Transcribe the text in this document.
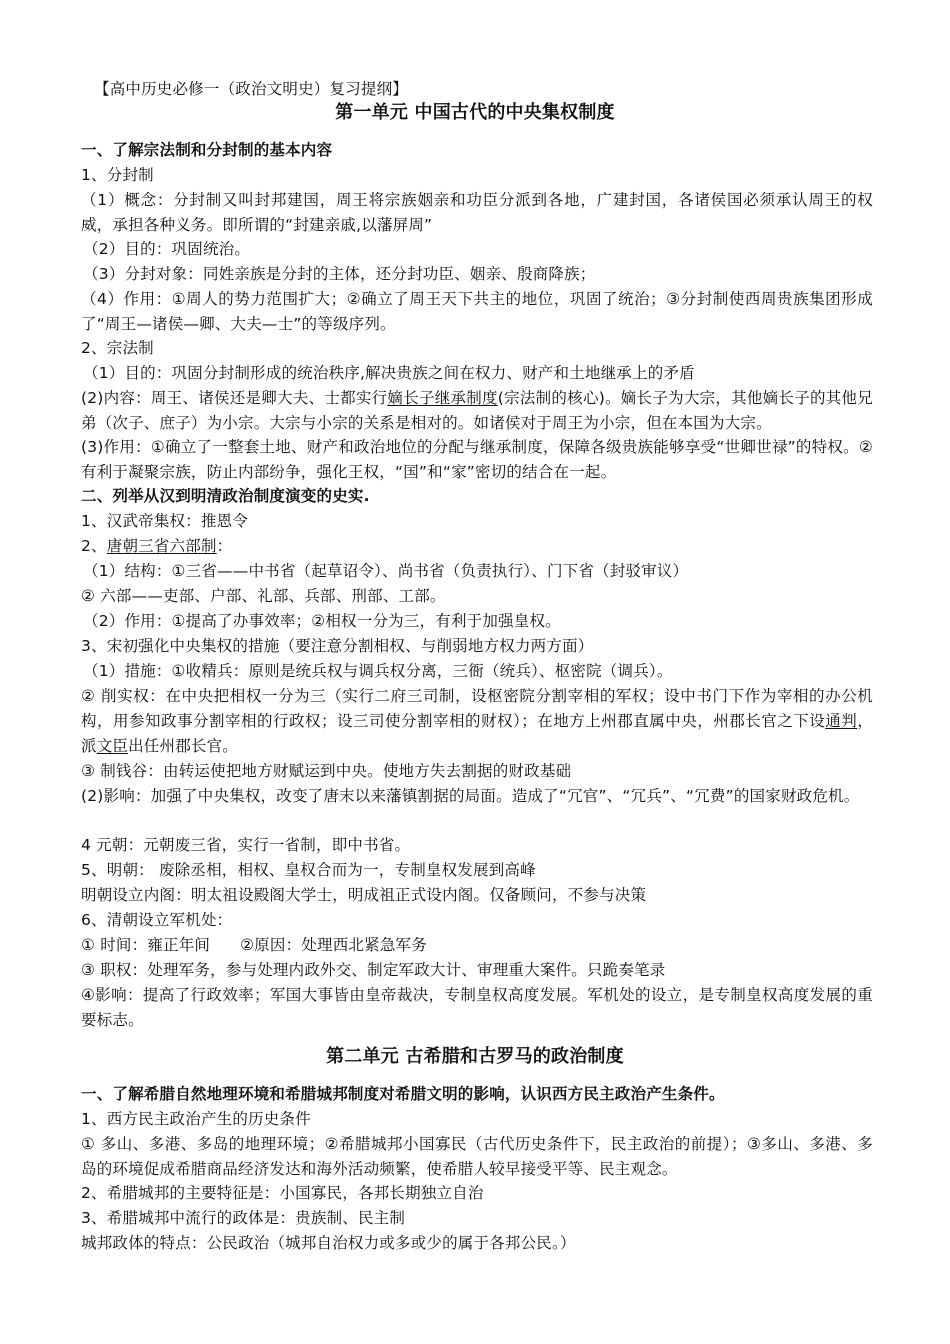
【高中历史必修一（政治文明史）复习提纲】

第一单元 中国古代的中央集权制度

一、了解宗法制和分封制的基本内容

1、分封制

（1）概念：分封制又叫封邦建国，周王将宗族姻亲和功臣分派到各地，广建封国，各诸侯国必须承认周王的权威，承担各种义务。即所谓的“封建亲戚,以藩屏周”

（2）目的：巩固统治。

（3）分封对象：同姓亲族是分封的主体，还分封功臣、姻亲、殷商降族；

（4）作用：①周人的势力范围扩大；②确立了周王天下共主的地位，巩固了统治；③分封制使西周贵族集团形成了“周王—诸侯—卿、大夫—士”的等级序列。

2、宗法制

（1）目的：巩固分封制形成的统治秩序,解决贵族之间在权力、财产和土地继承上的矛盾

(2)内容：周王、诸侯还是卿大夫、士都实行嫡长子继承制度(宗法制的核心)。嫡长子为大宗，其他嫡长子的其他兄弟（次子、庶子）为小宗。大宗与小宗的关系是相对的。如诸侯对于周王为小宗，但在本国为大宗。

(3)作用：①确立了一整套土地、财产和政治地位的分配与继承制度，保障各级贵族能够享受“世卿世禄”的特权。②有利于凝聚宗族，防止内部纷争，强化王权，“国”和“家”密切的结合在一起。

二、列举从汉到明清政治制度演变的史实.

1、汉武帝集权：推恩令

2、唐朝三省六部制：

（1）结构：①三省——中书省（起草诏令）、尚书省（负责执行）、门下省（封驳审议）

② 六部——吏部、户部、礼部、兵部、刑部、工部。

（2）作用：①提高了办事效率；②相权一分为三，有利于加强皇权。

3、宋初强化中央集权的措施（要注意分割相权、与削弱地方权力两方面）

（1）措施：①收精兵：原则是统兵权与调兵权分离，三衙（统兵）、枢密院（调兵）。

② 削实权：在中央把相权一分为三（实行二府三司制，设枢密院分割宰相的军权；设中书门下作为宰相的办公机构，用参知政事分割宰相的行政权；设三司使分割宰相的财权）；在地方上州郡直属中央，州郡长官之下设通判，派文臣出任州郡长官。

③ 制钱谷：由转运使把地方财赋运到中央。使地方失去割据的财政基础

(2)影响：加强了中央集权，改变了唐末以来藩镇割据的局面。造成了“冗官”、“冗兵”、“冗费”的国家财政危机。

4 元朝：元朝废三省，实行一省制，即中书省。

5、明朝： 废除丞相，相权、皇权合而为一，专制皇权发展到高峰

明朝设立内阁：明太祖设殿阁大学士，明成祖正式设内阁。仅备顾问，不参与决策

6、清朝设立军机处：

① 时间：雍正年间 ②原因：处理西北紧急军务

③ 职权：处理军务，参与处理内政外交、制定军政大计、审理重大案件。只跪奏笔录

④影响：提高了行政效率；军国大事皆由皇帝裁决，专制皇权高度发展。军机处的设立，是专制皇权高度发展的重要标志。

第二单元 古希腊和古罗马的政治制度

一、了解希腊自然地理环境和希腊城邦制度对希腊文明的影响，认识西方民主政治产生条件。

1、西方民主政治产生的历史条件

① 多山、多港、多岛的地理环境；②希腊城邦小国寡民（古代历史条件下，民主政治的前提）；③多山、多港、多岛的环境促成希腊商品经济发达和海外活动频繁，使希腊人较早接受平等、民主观念。

2、希腊城邦的主要特征是：小国寡民，各邦长期独立自治

3、希腊城邦中流行的政体是：贵族制、民主制

城邦政体的特点：公民政治（城邦自治权力或多或少的属于各邦公民。）
